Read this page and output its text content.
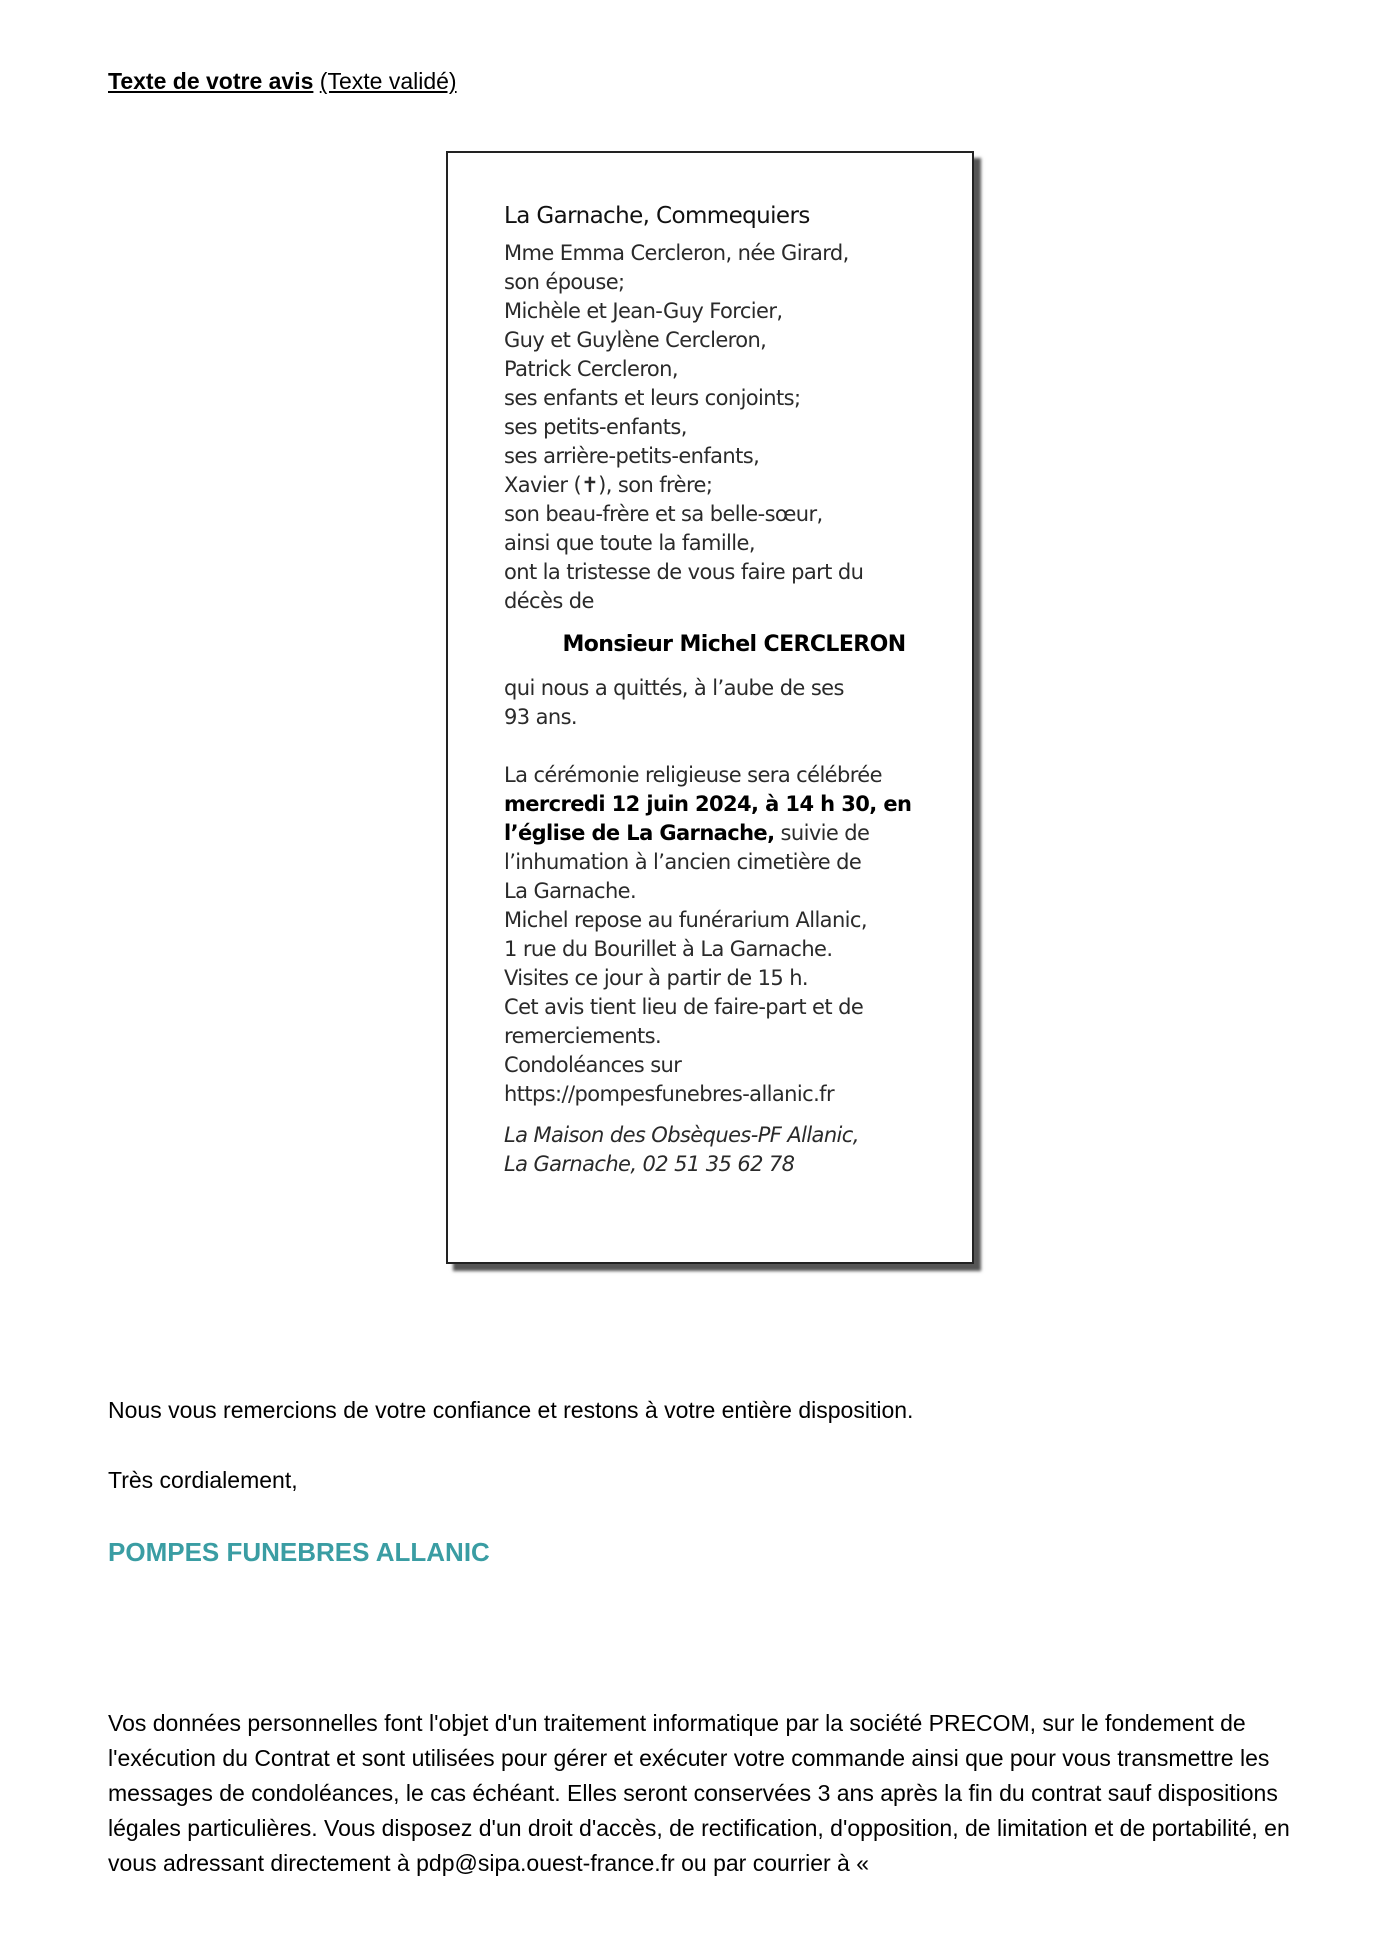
Texte de votre avis (Texte validé)
La Garnache, Commequiers
Mme Emma Cercleron, née Girard,
son épouse;
Michèle et Jean-Guy Forcier,
Guy et Guylène Cercleron,
Patrick Cercleron,
ses enfants et leurs conjoints;
ses petits-enfants,
ses arrière-petits-enfants,
Xavier (✝), son frère;
son beau-frère et sa belle-sœur,
ainsi que toute la famille,
ont la tristesse de vous faire part du
décès de
Monsieur Michel CERCLERON
qui nous a quittés, à l’aube de ses
93 ans.
La cérémonie religieuse sera célébrée
mercredi 12 juin 2024, à 14 h 30, en
l’église de La Garnache, suivie de
l’inhumation à l’ancien cimetière de
La Garnache.
Michel repose au funérarium Allanic,
1 rue du Bourillet à La Garnache.
Visites ce jour à partir de 15 h.
Cet avis tient lieu de faire-part et de
remerciements.
Condoléances sur
https://pompesfunebres-allanic.fr
La Maison des Obsèques-PF Allanic,
La Garnache, 02 51 35 62 78
Nous vous remercions de votre confiance et restons à votre entière disposition.
Très cordialement,
POMPES FUNEBRES ALLANIC
Vos données personnelles font l'objet d'un traitement informatique par la société PRECOM, sur le fondement de l'exécution du Contrat et sont utilisées pour gérer et exécuter votre commande ainsi que pour vous transmettre les messages de condoléances, le cas échéant. Elles seront conservées 3 ans après la fin du contrat sauf dispositions légales particulières. Vous disposez d'un droit d'accès, de rectification, d'opposition, de limitation et de portabilité, en vous adressant directement à pdp@sipa.ouest-france.fr ou par courrier à «
